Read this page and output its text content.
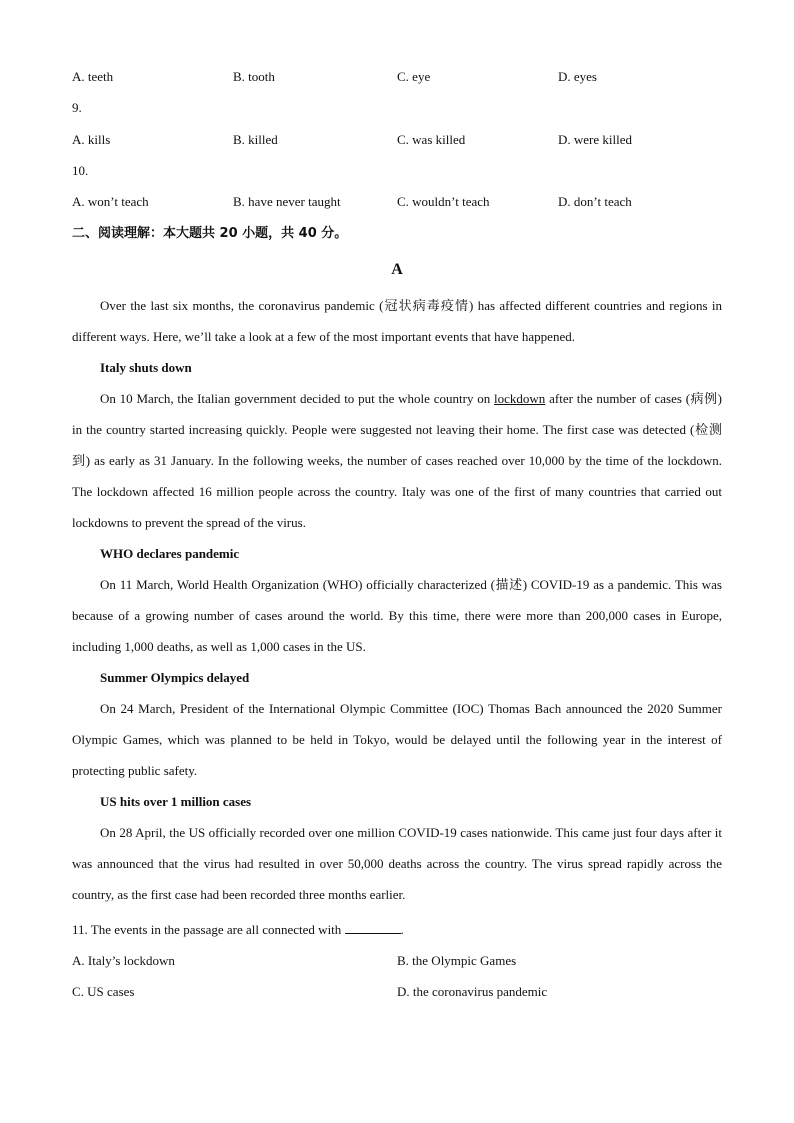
A. teeth	B. tooth	C. eye	D. eyes
9.
A. kills	B. killed	C. was killed	D. were killed
10.
A. won’t teach	B. have never taught	C. wouldn’t teach	D. don’t teach
二、阅读理解：本大题共 20 小题，共 40 分。
A

Over the last six months, the coronavirus pandemic (冠状病毒疫情) has affected different countries and regions in different ways. Here, we’ll take a look at a few of the most important events that have happened.

Italy shuts down

On 10 March, the Italian government decided to put the whole country on lockdown after the number of cases (病例) in the country started increasing quickly. People were suggested not leaving their home. The first case was detected (检测到) as early as 31 January. In the following weeks, the number of cases reached over 10,000 by the time of the lockdown. The lockdown affected 16 million people across the country. Italy was one of the first of many countries that carried out lockdowns to prevent the spread of the virus.

WHO declares pandemic

On 11 March, World Health Organization (WHO) officially characterized (描述) COVID-19 as a pandemic. This was because of a growing number of cases around the world. By this time, there were more than 200,000 cases in Europe, including 1,000 deaths, as well as 1,000 cases in the US.

Summer Olympics delayed

On 24 March, President of the International Olympic Committee (IOC) Thomas Bach announced the 2020 Summer Olympic Games, which was planned to be held in Tokyo, would be delayed until the following year in the interest of protecting public safety.

US hits over 1 million cases

On 28 April, the US officially recorded over one million COVID-19 cases nationwide. This came just four days after it was announced that the virus had resulted in over 50,000 deaths across the country. The virus spread rapidly across the country, as the first case had been recorded three months earlier.

11. The events in the passage are all connected with	.
A. Italy’s lockdown	B. the Olympic Games
C. US cases	D. the coronavirus pandemic
